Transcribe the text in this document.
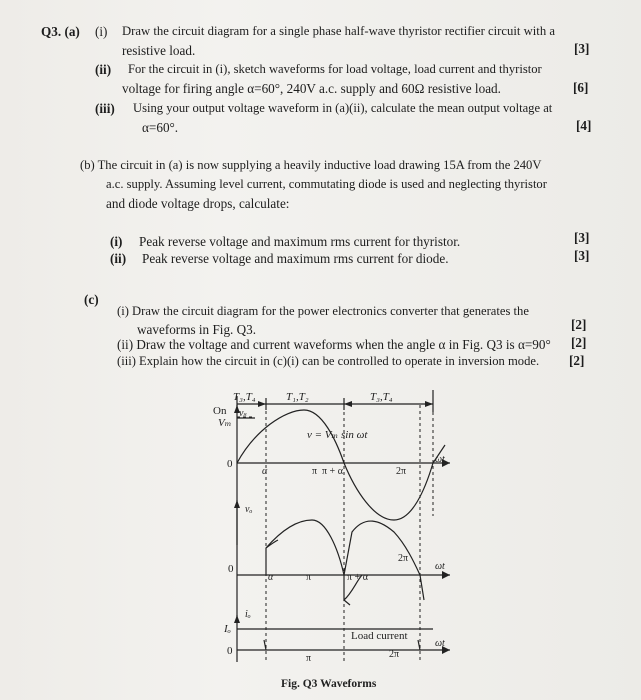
Q3. (a) (i) Draw the circuit diagram for a single phase half-wave thyristor rectifier circuit with a
resistive load.	[3]
(ii) For the circuit in (i), sketch waveforms for load voltage, load current and thyristor
voltage for firing angle α=60°, 240V a.c. supply and 60Ω resistive load.	[6]
(iii) Using your output voltage waveform in (a)(ii), calculate the mean output voltage at
α=60°.	[4]
(b) The circuit in (a) is now supplying a heavily inductive load drawing 15A from the 240V
a.c. supply. Assuming level current, commutating diode is used and neglecting thyristor
and diode voltage drops, calculate:
(i) Peak reverse voltage and maximum rms current for thyristor.	[3]
(ii) Peak reverse voltage and maximum rms current for diode.	[3]
(c)
(i) Draw the circuit diagram for the power electronics converter that generates the
waveforms in Fig. Q3.	[2]
(ii) Draw the voltage and current waveforms when the angle α in Fig. Q3 is α=90° [2]
(iii) Explain how the circuit in (c)(i) can be controlled to operate in inversion mode. [2]
T₃,T₄	T₁,T₂	T₃,T₄
On vₛ
Vₘ
v = Vₘ sin ωt
0
α	π π + α	2π
ωt
vₒ
0
α	π	π + α
2π
ωt
iₒ
Iₒ
Load current
0
π	2π
ωt
Fig. Q3 Waveforms
